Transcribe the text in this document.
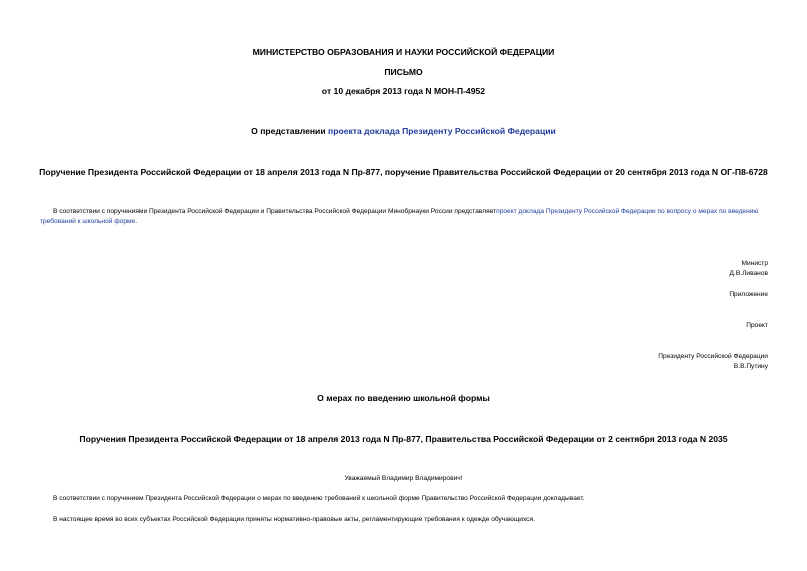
МИНИСТЕРСТВО ОБРАЗОВАНИЯ И НАУКИ РОССИЙСКОЙ ФЕДЕРАЦИИ
ПИСЬМО
от 10 декабря 2013 года N МОН-П-4952
О представлении проекта доклада Президенту Российской Федерации
Поручение Президента Российской Федерации от 18 апреля 2013 года N Пр-877, поручение Правительства Российской Федерации от 20 сентября 2013 года N ОГ-П8-6728
В соответствии с поручениями Президента Российской Федерации и Правительства Российской Федерации Минобрнауки России представляетпроект доклада Президенту Российской Федерации по вопросу о мерах по введению требований к школьной форме.
Министр
Д.В.Ливанов
Приложение
Проект
Президенту Российской Федерации
В.В.Путину
О мерах по введению школьной формы
Поручения Президента Российской Федерации от 18 апреля 2013 года N Пр-877, Правительства Российской Федерации от 2 сентября 2013 года N 2035
Уважаемый Владимир Владимирович!
В соответствии с поручением Президента Российской Федерации о мерах по введению требований к школьной форме Правительство Российской Федерации докладывает.
В настоящее время во всех субъектах Российской Федерации приняты нормативно-правовые акты, регламентирующие требования к одежде обучающихся.
